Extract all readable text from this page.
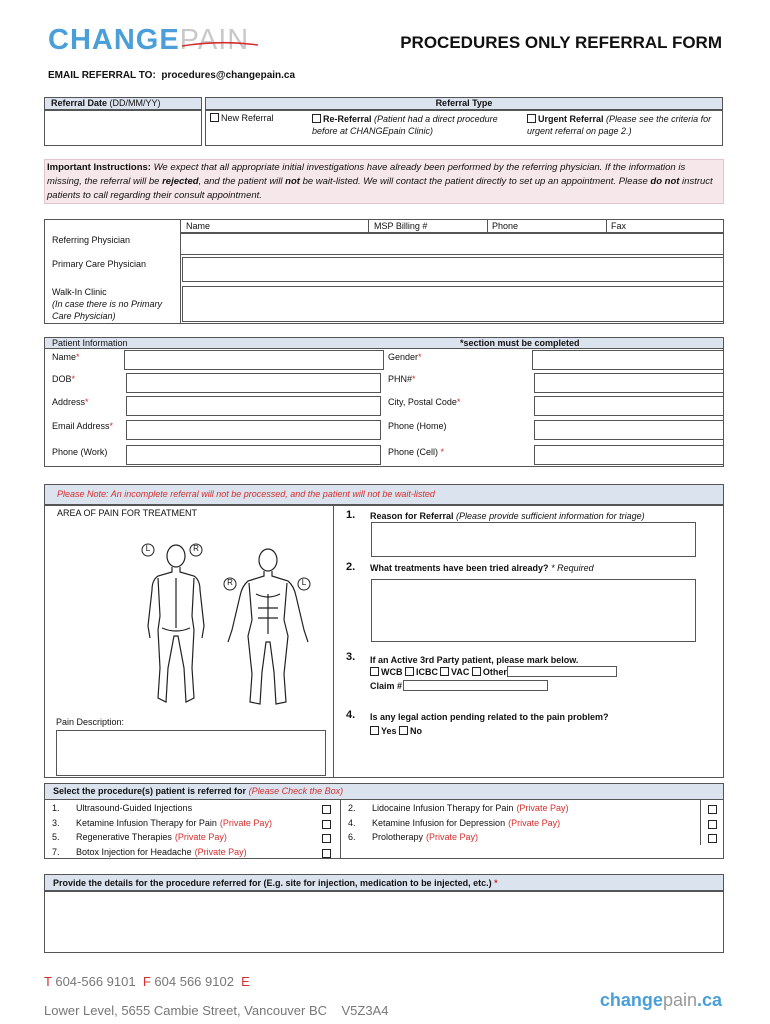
CHANGEPAIN	PROCEDURES ONLY REFERRAL FORM
EMAIL REFERRAL TO: procedures@changepain.ca
Referral Date (DD/MM/YY)	Referral Type
New Referral	Re-Referral (Patient had a direct procedure before at CHANGEpain Clinic)
Urgent Referral (Please see the criteria for urgent referral on page 2.)
Important Instructions: We expect that all appropriate initial investigations have already been performed by the referring physician. If the information is missing, the referral will be rejected, and the patient will not be wait-listed. We will contact the patient directly to set up an appointment. Please do not instruct patients to call regarding their consult appointment.
Name	MSP Billing #	Phone	Fax
Referring Physician
Primary Care Physician
Walk-In Clinic
(In case there is no Primary Care Physician)
Patient Information	*section must be completed
Name*	Gender*
DOB*	PHN#*
Address*	City, Postal Code*
Email Address*	Phone (Home)
Phone (Work)	Phone (Cell) *
Please Note: An incomplete referral will not be processed, and the patient will not be wait-listed
AREA OF PAIN FOR TREATMENT
L	R
R	L
Pain Description:
1. Reason for Referral (Please provide sufficient information for triage)
2. What treatments have been tried already? * Required
3. If an Active 3rd Party patient, please mark below.
WCB ICBC VAC Other
Claim #
4. Is any legal action pending related to the pain problem?
Yes No
Select the procedure(s) patient is referred for (Please Check the Box)
1. Ultrasound-Guided Injections
3. Ketamine Infusion Therapy for Pain (Private Pay)
5. Regenerative Therapies (Private Pay)
7. Botox Injection for Headache (Private Pay)
2. Lidocaine Infusion Therapy for Pain (Private Pay)
4. Ketamine Infusion for Depression (Private Pay)
6. Prolotherapy (Private Pay)
Provide the details for the procedure referred for (E.g. site for injection, medication to be injected, etc.) *
T 604-566 9101 F 604 566 9102 E
Lower Level, 5655 Cambie Street, Vancouver BC V5Z3A4
changepain.ca
